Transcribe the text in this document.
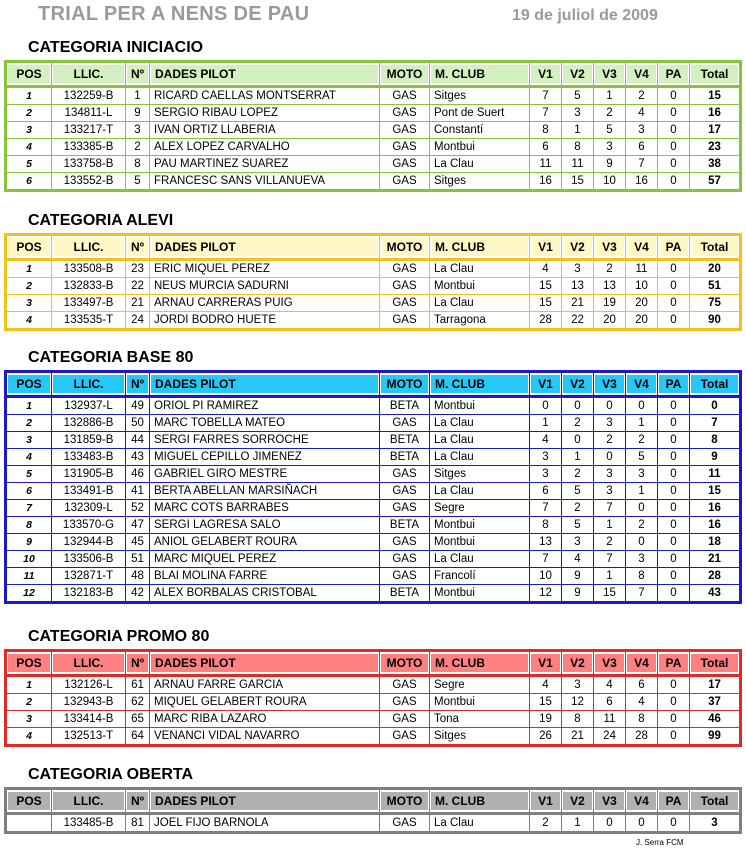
TRIAL PER A NENS DE PAU	19 de juliol de 2009
CATEGORIA INICIACIO
POS	LLIC.	Nº	DADES PILOT	MOTO	M. CLUB	V1	V2	V3	V4	PA	Total

1	132259-B	1	RICARD CAELLAS MONTSERRAT	GAS	Sitges	7	5	1	2	0	15
2	134811-L	9	SERGIO RIBAU LOPEZ	GAS	Pont de Suert	7	3	2	4	0	16
3	133217-T	3	IVAN ORTIZ LLABERIA	GAS	Constantí	8	1	5	3	0	17
4	133385-B	2	ALEX LOPEZ CARVALHO	GAS	Montbui	6	8	3	6	0	23
5	133758-B	8	PAU MARTINEZ SUAREZ	GAS	La Clau	11	11	9	7	0	38
6	133552-B	5	FRANCESC SANS VILLANUEVA	GAS	Sitges	16	15	10	16	0	57
CATEGORIA ALEVI
POS	LLIC.	Nº	DADES PILOT	MOTO	M. CLUB	V1	V2	V3	V4	PA	Total

1	133508-B	23	ERIC MIQUEL PEREZ	GAS	La Clau	4	3	2	11	0	20
2	132833-B	22	NEUS MURCIA SADURNI	GAS	Montbui	15	13	13	10	0	51
3	133497-B	21	ARNAU CARRERAS PUIG	GAS	La Clau	15	21	19	20	0	75
4	133535-T	24	JORDI BODRO HUETE	GAS	Tarragona	28	22	20	20	0	90
CATEGORIA BASE 80
POS	LLIC.	Nº	DADES PILOT	MOTO	M. CLUB	V1	V2	V3	V4	PA	Total

1	132937-L	49	ORIOL PI RAMIREZ	BETA	Montbui	0	0	0	0	0	0
2	132886-B	50	MARC TOBELLA MATEO	GAS	La Clau	1	2	3	1	0	7
3	131859-B	44	SERGI FARRES SORROCHE	BETA	La Clau	4	0	2	2	0	8
4	133483-B	43	MIGUEL CEPILLO JIMENEZ	BETA	La Clau	3	1	0	5	0	9
5	131905-B	46	GABRIEL GIRO MESTRE	GAS	Sitges	3	2	3	3	0	11
6	133491-B	41	BERTA ABELLAN MARSIÑACH	GAS	La Clau	6	5	3	1	0	15
7	132309-L	52	MARC COTS BARRABES	GAS	Segre	7	2	7	0	0	16
8	133570-G	47	SERGI LAGRESA SALO	BETA	Montbui	8	5	1	2	0	16
9	132944-B	45	ANIOL GELABERT ROURA	GAS	Montbui	13	3	2	0	0	18
10	133506-B	51	MARC MIQUEL PEREZ	GAS	La Clau	7	4	7	3	0	21
11	132871-T	48	BLAI MOLINA FARRE	GAS	Francolí	10	9	1	8	0	28
12	132183-B	42	ALEX BORBALAS CRISTOBAL	BETA	Montbui	12	9	15	7	0	43
CATEGORIA PROMO 80
POS	LLIC.	Nº	DADES PILOT	MOTO	M. CLUB	V1	V2	V3	V4	PA	Total

1	132126-L	61	ARNAU FARRE GARCIA	GAS	Segre	4	3	4	6	0	17
2	132943-B	62	MIQUEL GELABERT ROURA	GAS	Montbui	15	12	6	4	0	37
3	133414-B	65	MARC RIBA LAZARO	GAS	Tona	19	8	11	8	0	46
4	132513-T	64	VENANCI VIDAL NAVARRO	GAS	Sitges	26	21	24	28	0	99
CATEGORIA OBERTA
POS	LLIC.	Nº	DADES PILOT	MOTO	M. CLUB	V1	V2	V3	V4	PA	Total

	133485-B	81	JOEL FIJO BARNOLA	GAS	La Clau	2	1	0	0	0	3
J. Serra FCM
